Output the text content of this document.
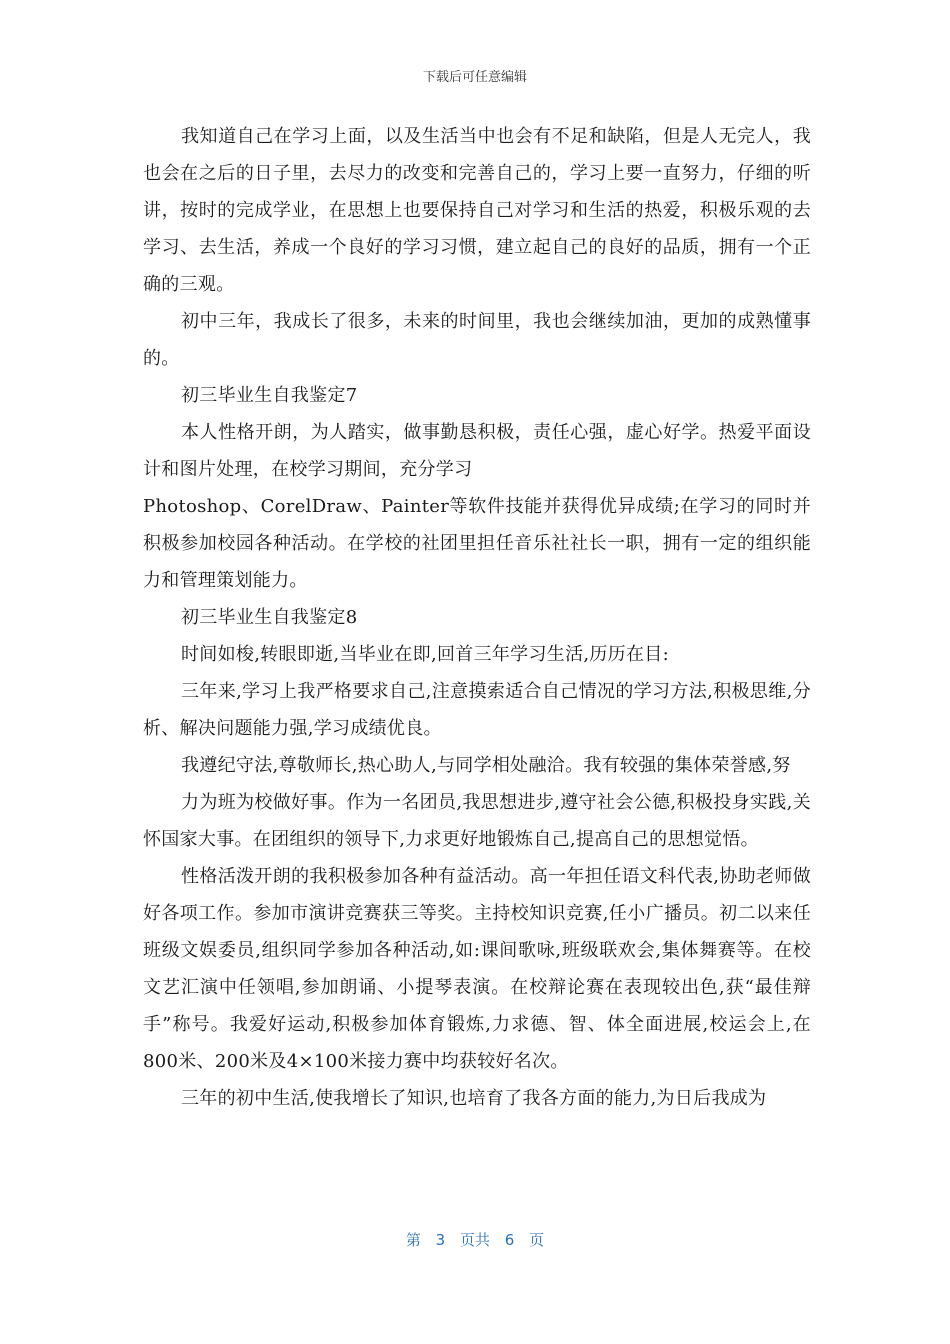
下载后可任意编辑

我知道自己在学习上面，以及生活当中也会有不足和缺陷，但是人无完人，我也会在之后的日子里，去尽力的改变和完善自己的，学习上要一直努力，仔细的听讲，按时的完成学业，在思想上也要保持自己对学习和生活的热爱，积极乐观的去学习、去生活，养成一个良好的学习习惯，建立起自己的良好的品质，拥有一个正确的三观。

初中三年，我成长了很多，未来的时间里，我也会继续加油，更加的成熟懂事的。

初三毕业生自我鉴定7

本人性格开朗，为人踏实，做事勤恳积极，责任心强，虚心好学。热爱平面设计和图片处理，在校学习期间，充分学习

Photoshop、CorelDraw、Painter等软件技能并获得优异成绩;在学习的同时并积极参加校园各种活动。在学校的社团里担任音乐社社长一职，拥有一定的组织能力和管理策划能力。

初三毕业生自我鉴定8

时间如梭,转眼即逝,当毕业在即,回首三年学习生活,历历在目:

三年来,学习上我严格要求自己,注意摸索适合自己情况的学习方法,积极思维,分析、解决问题能力强,学习成绩优良。

我遵纪守法,尊敬师长,热心助人,与同学相处融洽。我有较强的集体荣誉感,努

力为班为校做好事。作为一名团员,我思想进步,遵守社会公德,积极投身实践,关怀国家大事。在团组织的领导下,力求更好地锻炼自己,提高自己的思想觉悟。

性格活泼开朗的我积极参加各种有益活动。高一年担任语文科代表,协助老师做好各项工作。参加市演讲竞赛获三等奖。主持校知识竞赛,任小广播员。初二以来任班级文娱委员,组织同学参加各种活动,如:课间歌咏,班级联欢会,集体舞赛等。在校文艺汇演中任领唱,参加朗诵、小提琴表演。在校辩论赛在表现较出色,获“最佳辩手”称号。我爱好运动,积极参加体育锻炼,力求德、智、体全面进展,校运会上,在800米、200米及4×100米接力赛中均获较好名次。

三年的初中生活,使我增长了知识,也培育了我各方面的能力,为日后我成为

第 3 页共 6 页
